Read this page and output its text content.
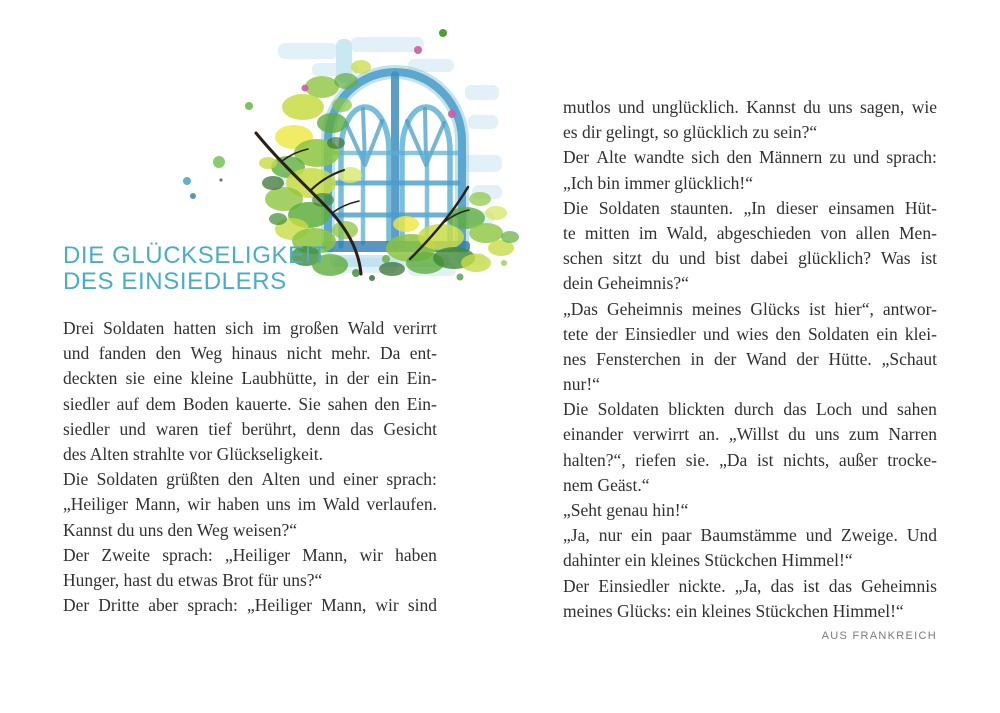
DIE GLÜCKSELIGKEIT
DES EINSIEDLERS
Drei Soldaten hatten sich im großen Wald verirrt
und fanden den Weg hinaus nicht mehr. Da ent-
deckten sie eine kleine Laubhütte, in der ein Ein-
siedler auf dem Boden kauerte. Sie sahen den Ein-
siedler und waren tief berührt, denn das Gesicht
des Alten strahlte vor Glückseligkeit.
Die Soldaten grüßten den Alten und einer sprach:
„Heiliger Mann, wir haben uns im Wald verlaufen.
Kannst du uns den Weg weisen?“
Der Zweite sprach: „Heiliger Mann, wir haben
Hunger, hast du etwas Brot für uns?“
Der Dritte aber sprach: „Heiliger Mann, wir sind
mutlos und unglücklich. Kannst du uns sagen, wie
es dir gelingt, so glücklich zu sein?“
Der Alte wandte sich den Männern zu und sprach:
„Ich bin immer glücklich!“
Die Soldaten staunten. „In dieser einsamen Hüt-
te mitten im Wald, abgeschieden von allen Men-
schen sitzt du und bist dabei glücklich? Was ist
dein Geheimnis?“
„Das Geheimnis meines Glücks ist hier“, antwor-
tete der Einsiedler und wies den Soldaten ein klei-
nes Fensterchen in der Wand der Hütte. „Schaut
nur!“
Die Soldaten blickten durch das Loch und sahen
einander verwirrt an. „Willst du uns zum Narren
halten?“, riefen sie. „Da ist nichts, außer trocke-
nem Geäst.“
„Seht genau hin!“
„Ja, nur ein paar Baumstämme und Zweige. Und
dahinter ein kleines Stückchen Himmel!“
Der Einsiedler nickte. „Ja, das ist das Geheimnis
meines Glücks: ein kleines Stückchen Himmel!“
AUS FRANKREICH
